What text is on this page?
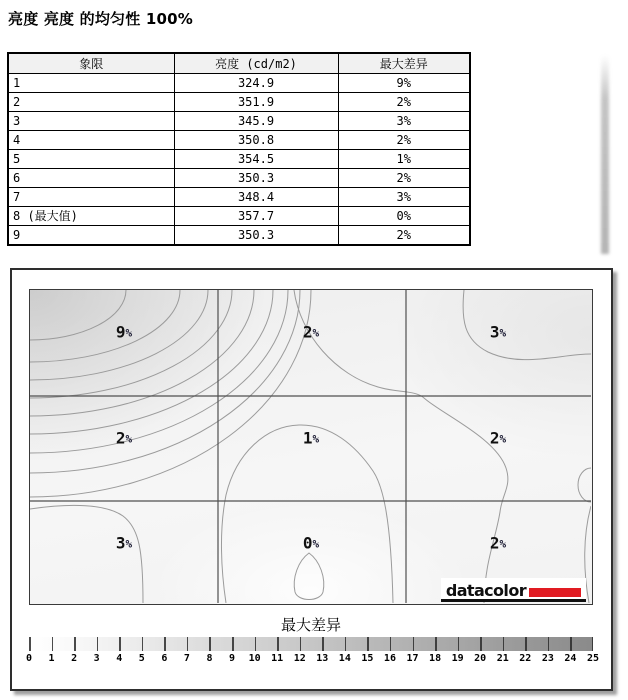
亮度 亮度 的均匀性 100%
象限	亮度 (cd/m2)	最大差异
1	324.9	9%
2	351.9	2%
3	345.9	3%
4	350.8	2%
5	354.5	1%
6	350.3	2%
7	348.4	3%
8 (最大值)	357.7	0%
9	350.3	2%
datacolor
9%	2%	3%
2%	1%	2%
3%	0%	2%
最大差异
0 1 2 3 4 5 6 7 8 9 10 11 12 13 14 15 16 17 18 19 20 21 22 23 24 25
